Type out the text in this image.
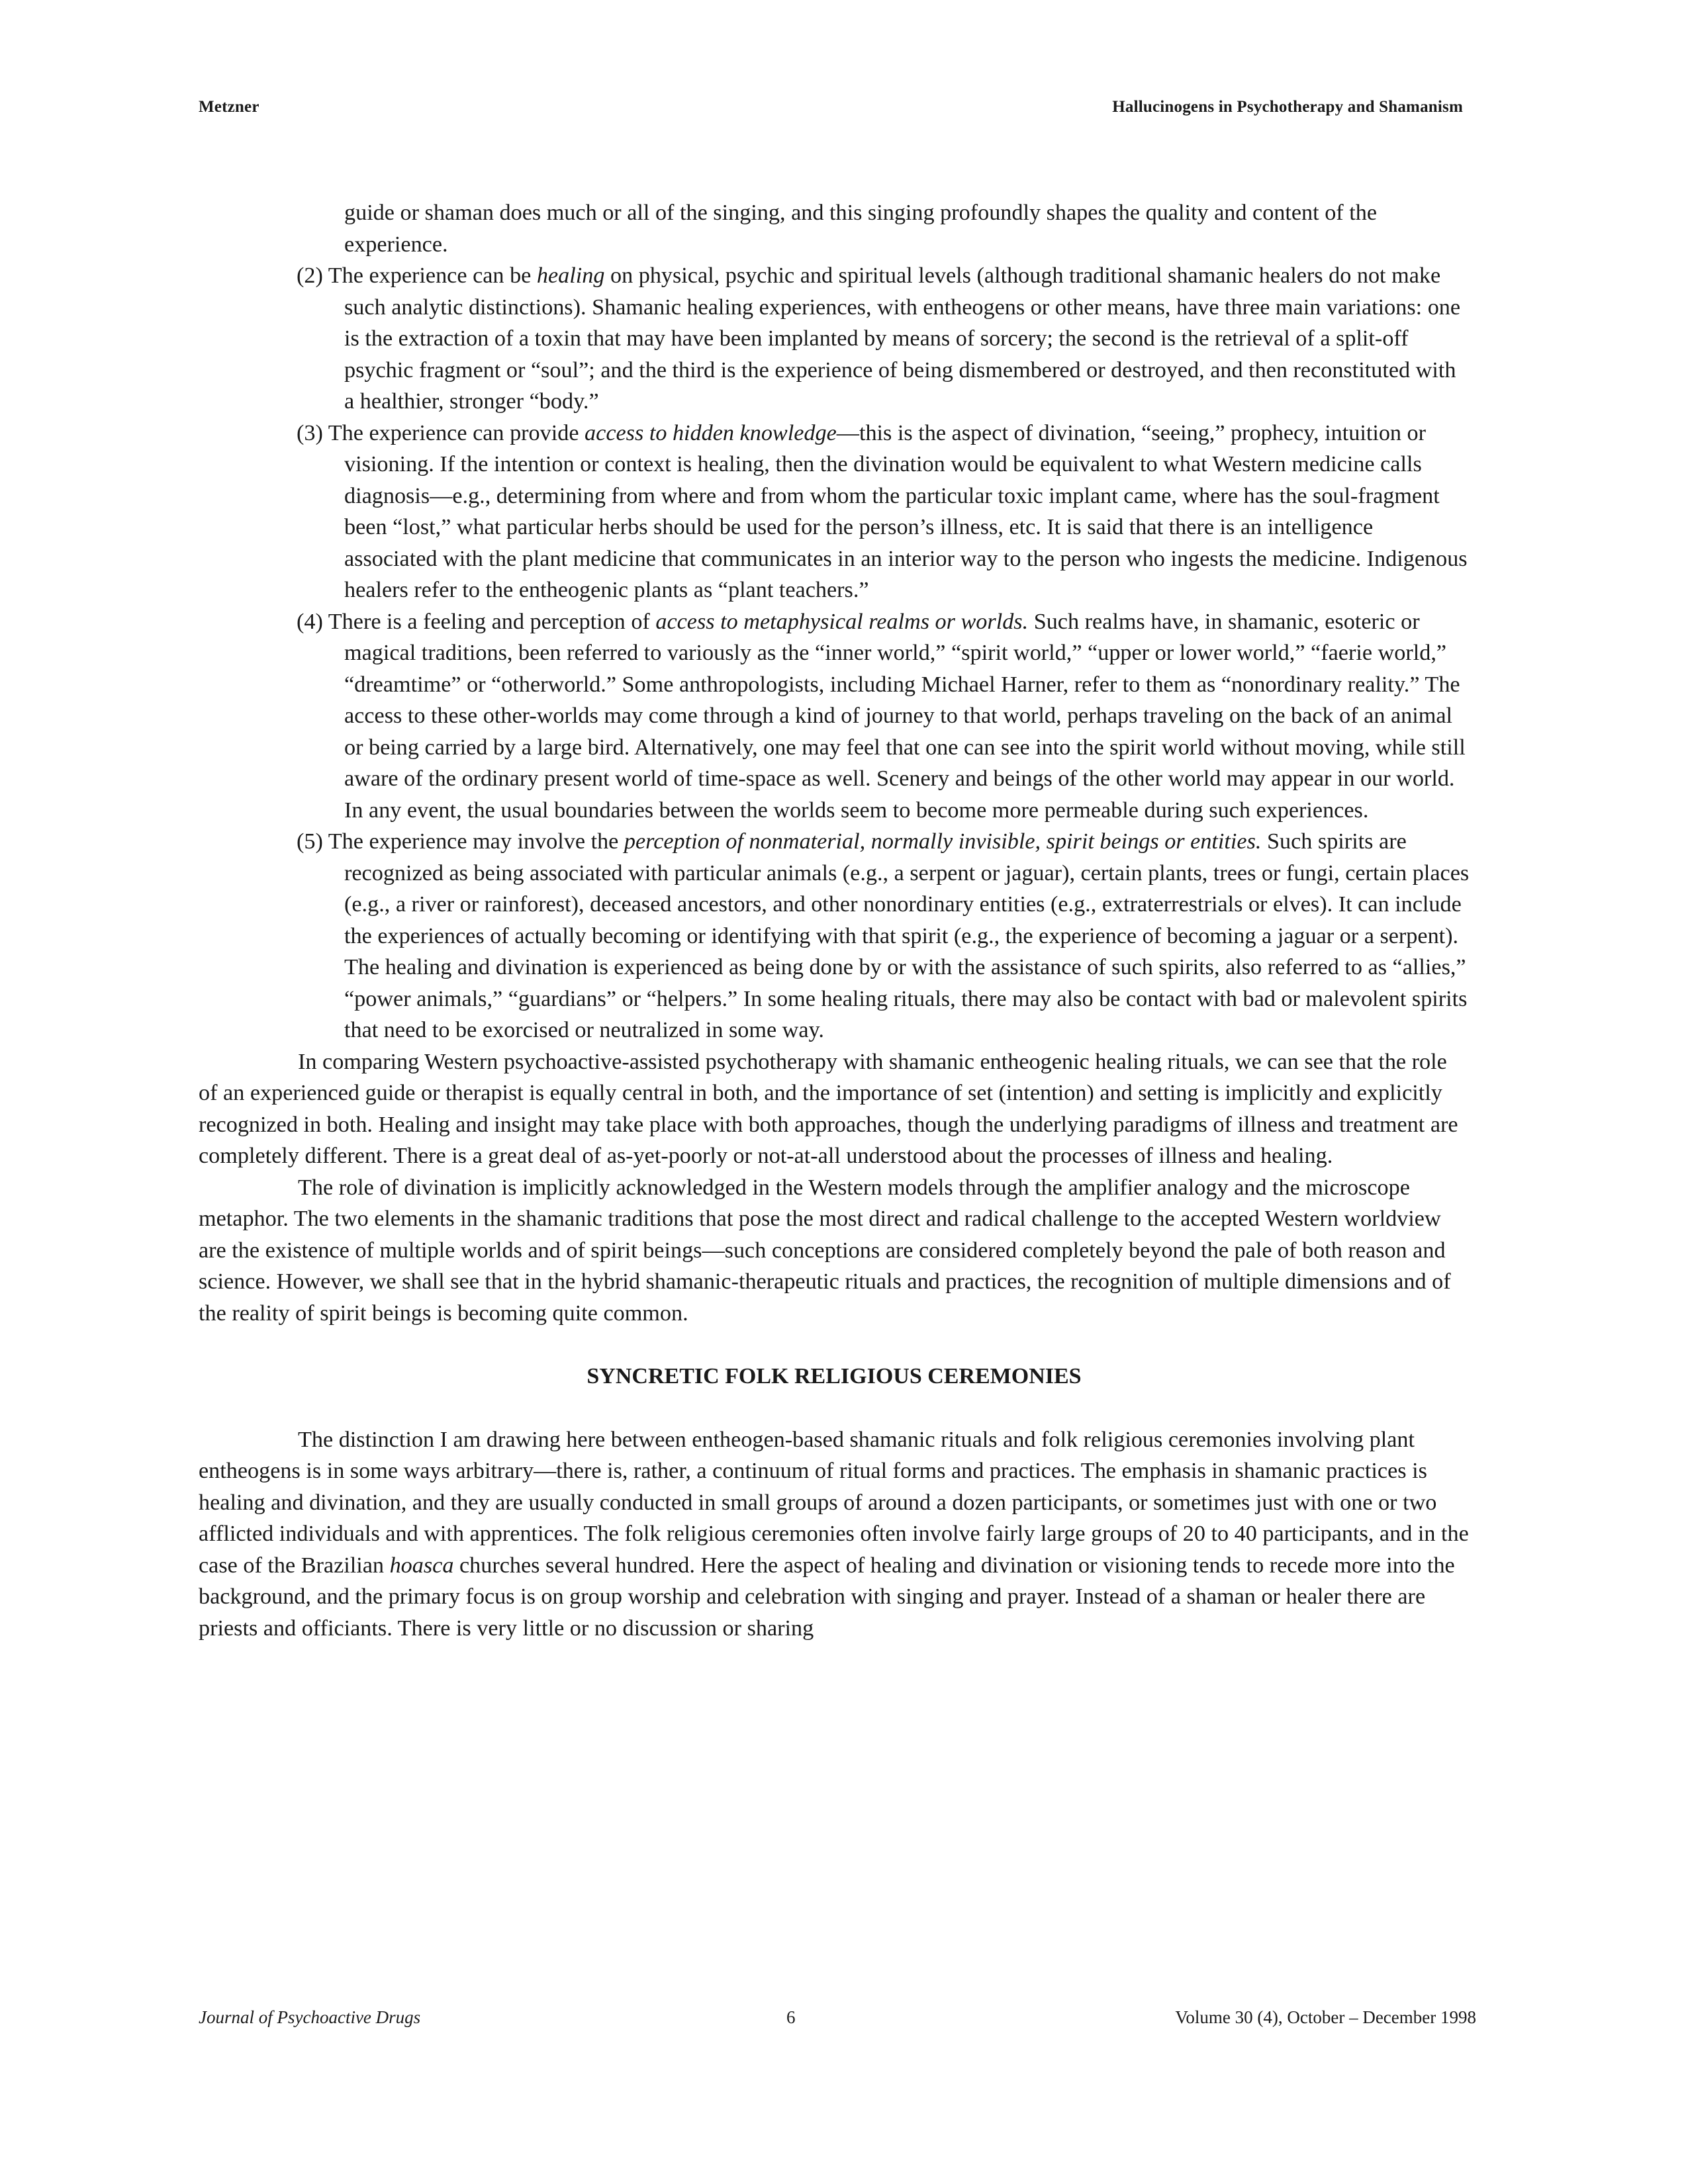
Metzner	Hallucinogens in Psychotherapy and Shamanism

guide or shaman does much or all of the singing, and this singing profoundly shapes the quality and content of the experience.

(2) The experience can be healing on physical, psychic and spiritual levels (although traditional shamanic healers do not make such analytic distinctions). Shamanic healing experiences, with entheogens or other means, have three main variations: one is the extraction of a toxin that may have been implanted by means of sorcery; the second is the retrieval of a split-off psychic fragment or “soul”; and the third is the experience of being dismembered or destroyed, and then reconstituted with a healthier, stronger “body.”

(3) The experience can provide access to hidden knowledge—this is the aspect of divination, “seeing,” prophecy, intuition or visioning. If the intention or context is healing, then the divination would be equivalent to what Western medicine calls diagnosis—e.g., determining from where and from whom the particular toxic implant came, where has the soul-fragment been “lost,” what particular herbs should be used for the person’s illness, etc. It is said that there is an intelligence associated with the plant medicine that communicates in an interior way to the person who ingests the medicine. Indigenous healers refer to the entheogenic plants as “plant teachers.”

(4) There is a feeling and perception of access to metaphysical realms or worlds. Such realms have, in shamanic, esoteric or magical traditions, been referred to variously as the “inner world,” “spirit world,” “upper or lower world,” “faerie world,” “dreamtime” or “otherworld.” Some anthropologists, including Michael Harner, refer to them as “nonordinary reality.” The access to these other-worlds may come through a kind of journey to that world, perhaps traveling on the back of an animal or being carried by a large bird. Alternatively, one may feel that one can see into the spirit world without moving, while still aware of the ordinary present world of time-space as well. Scenery and beings of the other world may appear in our world. In any event, the usual boundaries between the worlds seem to become more permeable during such experiences.

(5) The experience may involve the perception of nonmaterial, normally invisible, spirit beings or entities. Such spirits are recognized as being associated with particular animals (e.g., a serpent or jaguar), certain plants, trees or fungi, certain places (e.g., a river or rainforest), deceased ancestors, and other nonordinary entities (e.g., extraterrestrials or elves). It can include the experiences of actually becoming or identifying with that spirit (e.g., the experience of becoming a jaguar or a serpent). The healing and divination is experienced as being done by or with the assistance of such spirits, also referred to as “allies,” “power animals,” “guardians” or “helpers.” In some healing rituals, there may also be contact with bad or malevolent spirits that need to be exorcised or neutralized in some way.

In comparing Western psychoactive-assisted psychotherapy with shamanic entheogenic healing rituals, we can see that the role of an experienced guide or therapist is equally central in both, and the importance of set (intention) and setting is implicitly and explicitly recognized in both. Healing and insight may take place with both approaches, though the underlying paradigms of illness and treatment are completely different. There is a great deal of as-yet-poorly or not-at-all understood about the processes of illness and healing.

The role of divination is implicitly acknowledged in the Western models through the amplifier analogy and the microscope metaphor. The two elements in the shamanic traditions that pose the most direct and radical challenge to the accepted Western worldview are the existence of multiple worlds and of spirit beings—such conceptions are considered completely beyond the pale of both reason and science. However, we shall see that in the hybrid shamanic-therapeutic rituals and practices, the recognition of multiple dimensions and of the reality of spirit beings is becoming quite common.

SYNCRETIC FOLK RELIGIOUS CEREMONIES

The distinction I am drawing here between entheogen-based shamanic rituals and folk religious ceremonies involving plant entheogens is in some ways arbitrary—there is, rather, a continuum of ritual forms and practices. The emphasis in shamanic practices is healing and divination, and they are usually conducted in small groups of around a dozen participants, or sometimes just with one or two afflicted individuals and with apprentices. The folk religious ceremonies often involve fairly large groups of 20 to 40 participants, and in the case of the Brazilian hoasca churches several hundred. Here the aspect of healing and divination or visioning tends to recede more into the background, and the primary focus is on group worship and celebration with singing and prayer. Instead of a shaman or healer there are priests and officiants. There is very little or no discussion or sharing

Journal of Psychoactive Drugs	6	Volume 30 (4), October – December 1998
